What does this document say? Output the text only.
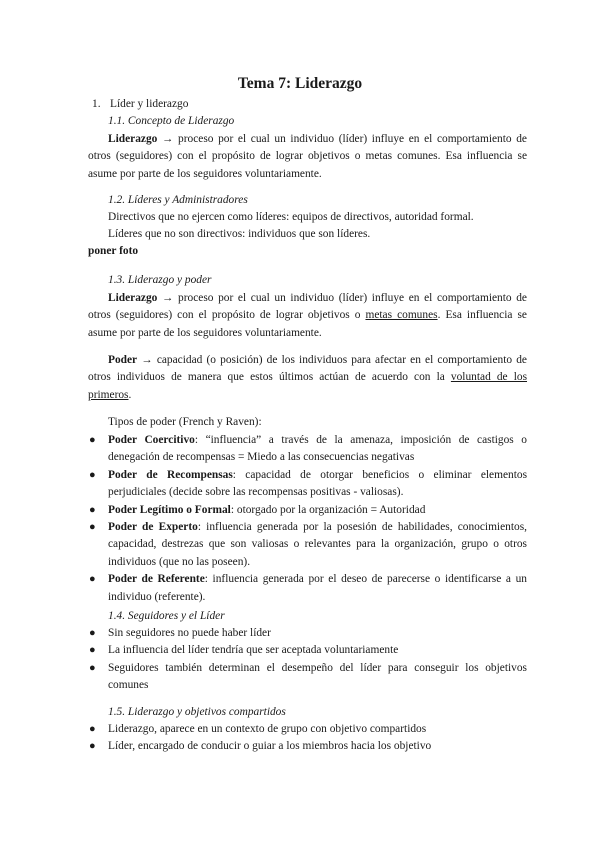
Tema 7: Liderazgo
1. Líder y liderazgo
1.1. Concepto de Liderazgo
Liderazgo → proceso por el cual un individuo (líder) influye en el comportamiento de otros (seguidores) con el propósito de lograr objetivos o metas comunes. Esa influencia se asume por parte de los seguidores voluntariamente.
1.2. Líderes y Administradores
Directivos que no ejercen como líderes: equipos de directivos, autoridad formal.
Líderes que no son directivos: individuos que son líderes.
poner foto
1.3. Liderazgo y poder
Liderazgo → proceso por el cual un individuo (líder) influye en el comportamiento de otros (seguidores) con el propósito de lograr objetivos o metas comunes. Esa influencia se asume por parte de los seguidores voluntariamente.
Poder → capacidad (o posición) de los individuos para afectar en el comportamiento de otros individuos de manera que estos últimos actúan de acuerdo con la voluntad de los primeros.
Tipos de poder (French y Raven):
● Poder Coercitivo: “influencia” a través de la amenaza, imposición de castigos o denegación de recompensas = Miedo a las consecuencias negativas
● Poder de Recompensas: capacidad de otorgar beneficios o eliminar elementos perjudiciales (decide sobre las recompensas positivas - valiosas).
● Poder Legítimo o Formal: otorgado por la organización = Autoridad
● Poder de Experto: influencia generada por la posesión de habilidades, conocimientos, capacidad, destrezas que son valiosas o relevantes para la organización, grupo o otros individuos (que no las poseen).
● Poder de Referente: influencia generada por el deseo de parecerse o identificarse a un individuo (referente).
1.4. Seguidores y el Líder
● Sin seguidores no puede haber líder
● La influencia del líder tendría que ser aceptada voluntariamente
● Seguidores también determinan el desempeño del líder para conseguir los objetivos comunes
1.5. Liderazgo y objetivos compartidos
● Liderazgo, aparece en un contexto de grupo con objetivo compartidos
● Líder, encargado de conducir o guiar a los miembros hacia los objetivo
